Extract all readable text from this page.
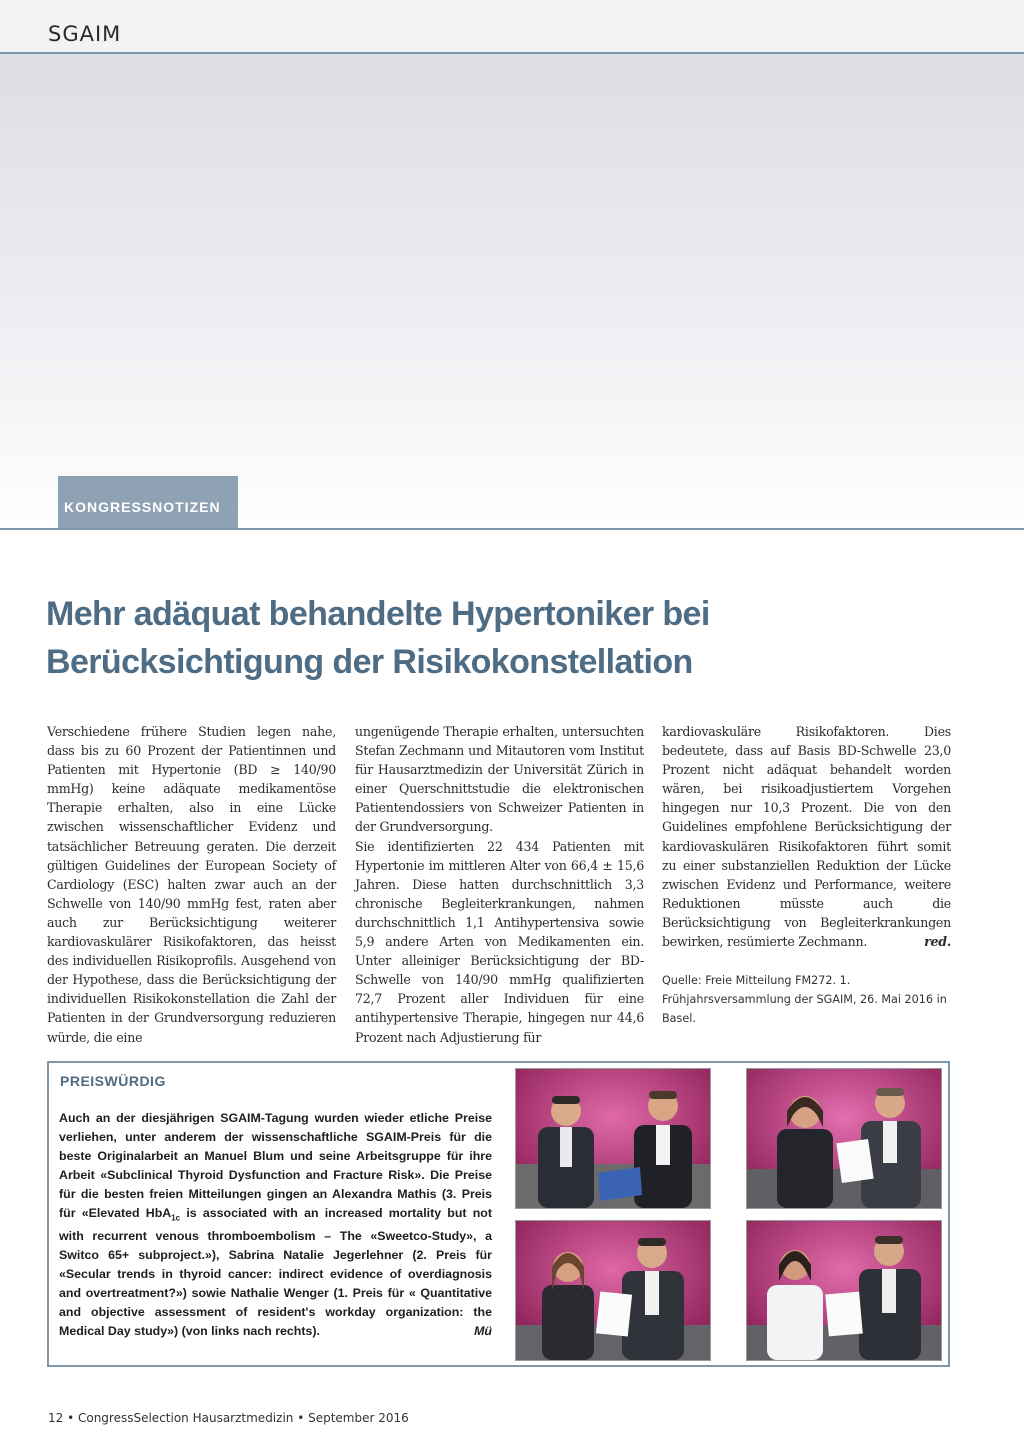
SGAIM
KONGRESSNOTIZEN
Mehr adäquat behandelte Hypertoniker bei Berücksichtigung der Risikokonstellation

Verschiedene frühere Studien legen nahe, dass bis zu 60 Prozent der Patientinnen und Patienten mit Hypertonie (BD ≥ 140/90 mmHg) keine adäquate medikamentöse Therapie erhalten, also in eine Lücke zwischen wissenschaftlicher Evidenz und tatsächlicher Betreuung geraten. Die derzeit gültigen Guidelines der European Society of Cardiology (ESC) halten zwar auch an der Schwelle von 140/90 mmHg fest, raten aber auch zur Berücksichtigung weiterer kardiovaskulärer Risikofaktoren, das heisst des individuellen Risikoprofils. Ausgehend von der Hypothese, dass die Berücksichtigung der individuellen Risikokonstellation die Zahl der Patienten in der Grundversorgung reduzieren würde, die eine

ungenügende Therapie erhalten, untersuchten Stefan Zechmann und Mitautoren vom Institut für Hausarztmedizin der Universität Zürich in einer Querschnittstudie die elektronischen Patientendossiers von Schweizer Patienten in der Grundversorgung.

Sie identifizierten 22 434 Patienten mit Hypertonie im mittleren Alter von 66,4 ± 15,6 Jahren. Diese hatten durchschnittlich 3,3 chronische Begleiterkrankungen, nahmen durchschnittlich 1,1 Antihypertensiva sowie 5,9 andere Arten von Medikamenten ein. Unter alleiniger Berücksichtigung der BD-Schwelle von 140/90 mmHg qualifizierten 72,7 Prozent aller Individuen für eine antihypertensive Therapie, hingegen nur 44,6 Prozent nach Adjustierung für

kardiovaskuläre Risikofaktoren. Dies bedeutete, dass auf Basis BD-Schwelle 23,0 Prozent nicht adäquat behandelt worden wären, bei risikoadjustiertem Vorgehen hingegen nur 10,3 Prozent. Die von den Guidelines empfohlene Berücksichtigung der kardiovaskulären Risikofaktoren führt somit zu einer substanziellen Reduktion der Lücke zwischen Evidenz und Performance, weitere Reduktionen müsste auch die Berücksichtigung von Begleiterkrankungen bewirken, resümierte Zechmann.	red.

Quelle: Freie Mitteilung FM272. 1. Frühjahrsversammlung der SGAIM, 26. Mai 2016 in Basel.
PREISWÜRDIG

Auch an der diesjährigen SGAIM-Tagung wurden wieder etliche Preise verliehen, unter anderem der wissenschaftliche SGAIM-Preis für die beste Originalarbeit an Manuel Blum und seine Arbeitsgruppe für ihre Arbeit «Subclinical Thyroid Dysfunction and Fracture Risk». Die Preise für die besten freien Mitteilungen gingen an Alexandra Mathis (3. Preis für «Elevated HbA$_{1c}$ is associated with an increased mortality but not with recurrent venous thromboembolism – The «Sweetco-Study», a Switco 65+ subproject.»), Sabrina Natalie Jegerlehner (2. Preis für «Secular trends in thyroid cancer: indirect evidence of overdiagnosis and overtreatment?») sowie Nathalie Wenger (1. Preis für « Quantitative and objective assessment of resident's workday organization: the Medical Day study») (von links nach rechts).	Mü

12 • CongressSelection Hausarztmedizin • September 2016
